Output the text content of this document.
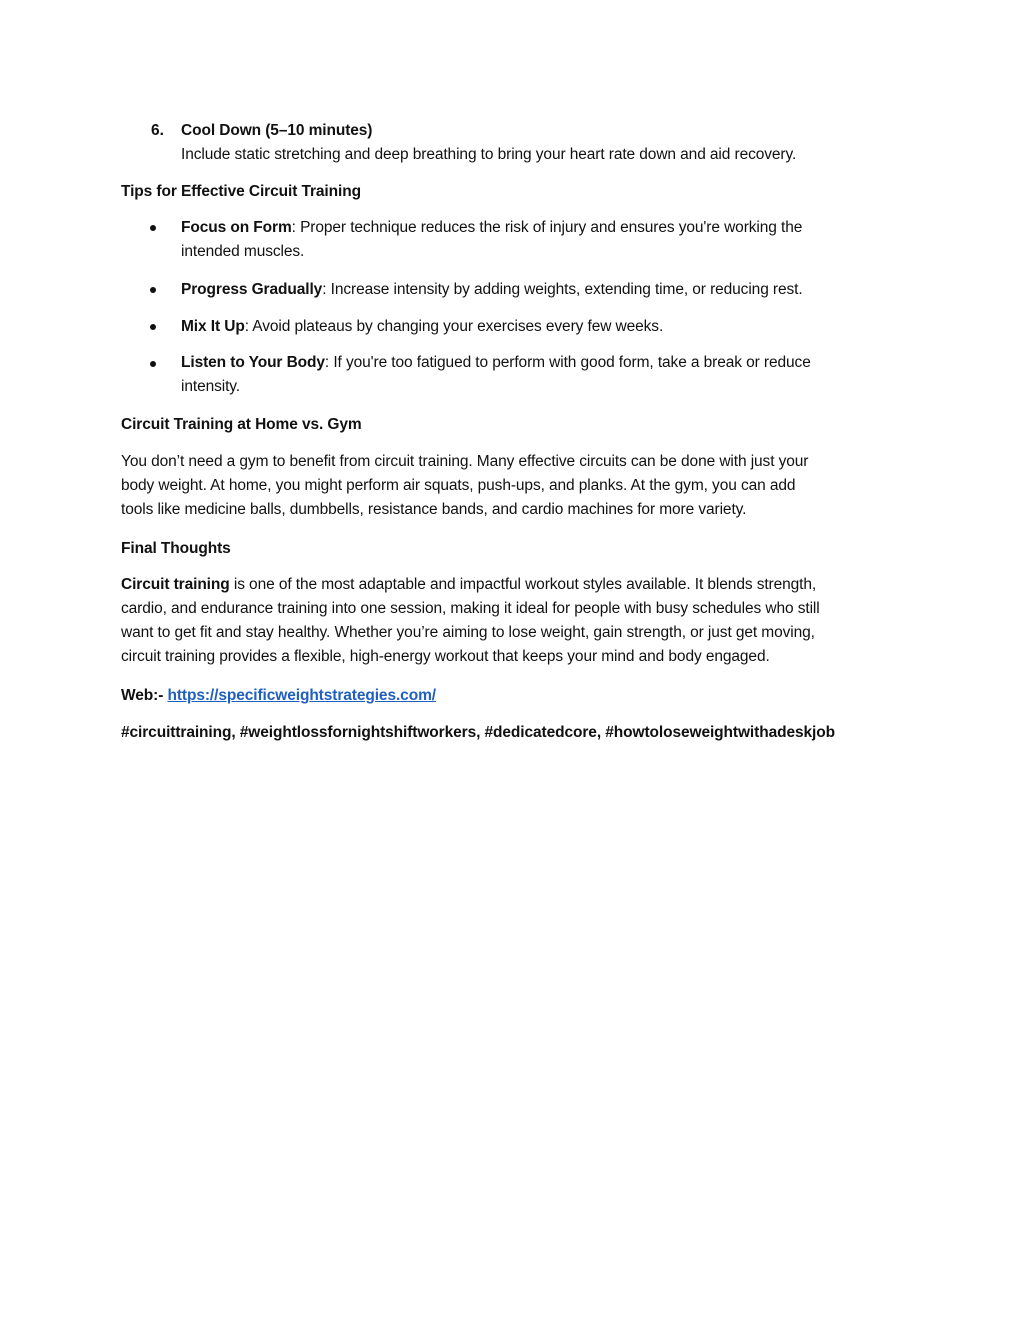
6. Cool Down (5–10 minutes)
Include static stretching and deep breathing to bring your heart rate down and aid recovery.
Tips for Effective Circuit Training
Focus on Form: Proper technique reduces the risk of injury and ensures you're working the
intended muscles.
Progress Gradually: Increase intensity by adding weights, extending time, or reducing rest.
Mix It Up: Avoid plateaus by changing your exercises every few weeks.
Listen to Your Body: If you're too fatigued to perform with good form, take a break or reduce
intensity.
Circuit Training at Home vs. Gym
You don’t need a gym to benefit from circuit training. Many effective circuits can be done with just your
body weight. At home, you might perform air squats, push-ups, and planks. At the gym, you can add
tools like medicine balls, dumbbells, resistance bands, and cardio machines for more variety.
Final Thoughts
Circuit training is one of the most adaptable and impactful workout styles available. It blends strength,
cardio, and endurance training into one session, making it ideal for people with busy schedules who still
want to get fit and stay healthy. Whether you’re aiming to lose weight, gain strength, or just get moving,
circuit training provides a flexible, high-energy workout that keeps your mind and body engaged.
Web:- https://specificweightstrategies.com/
#circuittraining, #weightlossfornightshiftworkers, #dedicatedcore, #howtoloseweightwithadeskjob
